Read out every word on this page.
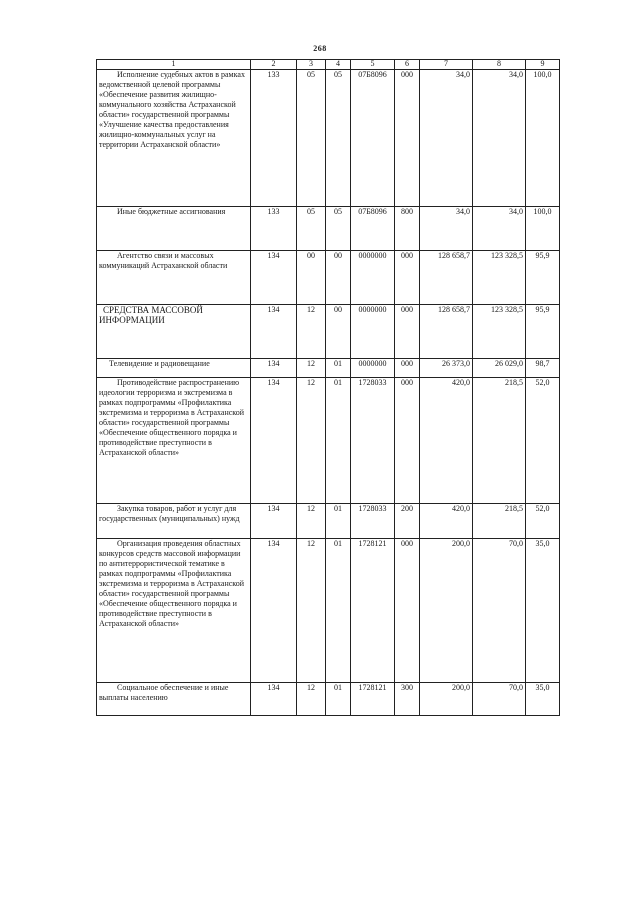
268
1	2	3	4	5	6	7	8	9

Исполнение судебных актов в рамках ведомственной целевой программы «Обеспечение развития жилищно-коммунального хозяйства Астраханской области» государственной программы «Улучшение качества предоставления жилищно-коммунальных услуг на территории Астраханской области»	133	05	05	07Б8096	000	34,0	34,0	100,0

Иные бюджетные ассигнования	133	05	05	07Б8096	800	34,0	34,0	100,0

Агентство связи и массовых коммуникаций Астраханской области	134	00	00	0000000	000	128 658,7	123 328,5	95,9

СРЕДСТВА МАССОВОЙ ИНФОРМАЦИИ	134	12	00	0000000	000	128 658,7	123 328,5	95,9

Телевидение и радиовещание	134	12	01	0000000	000	26 373,0	26 029,0	98,7

Противодействие распространению идеологии терроризма и экстремизма в рамках подпрограммы «Профилактика экстремизма и терроризма в Астраханской области» государственной программы «Обеспечение общественного порядка и противодействие преступности в Астраханской области»	134	12	01	1728033	000	420,0	218,5	52,0

Закупка товаров, работ и услуг для государственных (муниципальных) нужд	134	12	01	1728033	200	420,0	218,5	52,0

Организация проведения областных конкурсов средств массовой информации по антитеррористической тематике в рамках подпрограммы «Профилактика экстремизма и терроризма в Астраханской области» государственной программы «Обеспечение общественного порядка и противодействие преступности в Астраханской области»	134	12	01	1728121	000	200,0	70,0	35,0

Социальное обеспечение и иные выплаты населению	134	12	01	1728121	300	200,0	70,0	35,0
